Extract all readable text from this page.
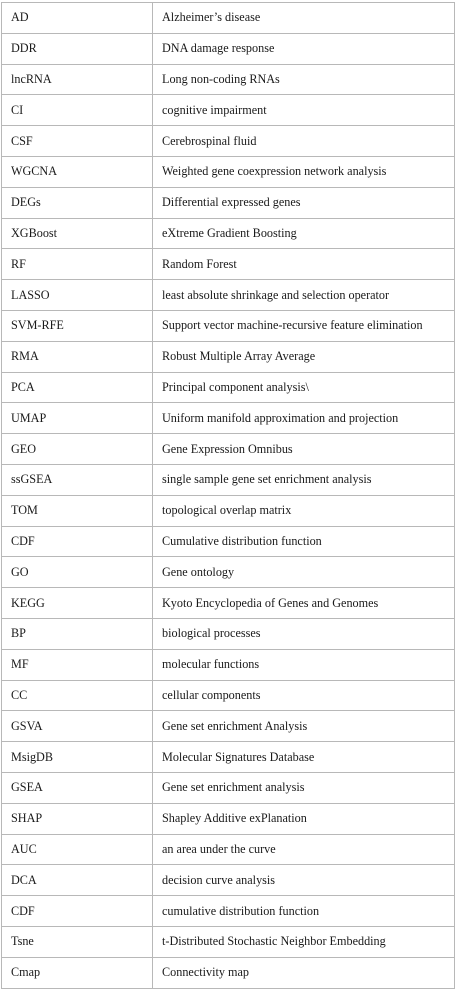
AD	Alzheimer’s disease
DDR	DNA damage response
lncRNA	Long non-coding RNAs
CI	cognitive impairment
CSF	Cerebrospinal fluid
WGCNA	Weighted gene coexpression network analysis
DEGs	Differential expressed genes
XGBoost	eXtreme Gradient Boosting
RF	Random Forest
LASSO	least absolute shrinkage and selection operator
SVM-RFE	Support vector machine-recursive feature elimination
RMA	Robust Multiple Array Average
PCA	Principal component analysis\
UMAP	Uniform manifold approximation and projection
GEO	Gene Expression Omnibus
ssGSEA	single sample gene set enrichment analysis
TOM	topological overlap matrix
CDF	Cumulative distribution function
GO	Gene ontology
KEGG	Kyoto Encyclopedia of Genes and Genomes
BP	biological processes
MF	molecular functions
CC	cellular components
GSVA	Gene set enrichment Analysis
MsigDB	Molecular Signatures Database
GSEA	Gene set enrichment analysis
SHAP	Shapley Additive exPlanation
AUC	an area under the curve
DCA	decision curve analysis
CDF	cumulative distribution function
Tsne	t-Distributed Stochastic Neighbor Embedding
Cmap	Connectivity map
